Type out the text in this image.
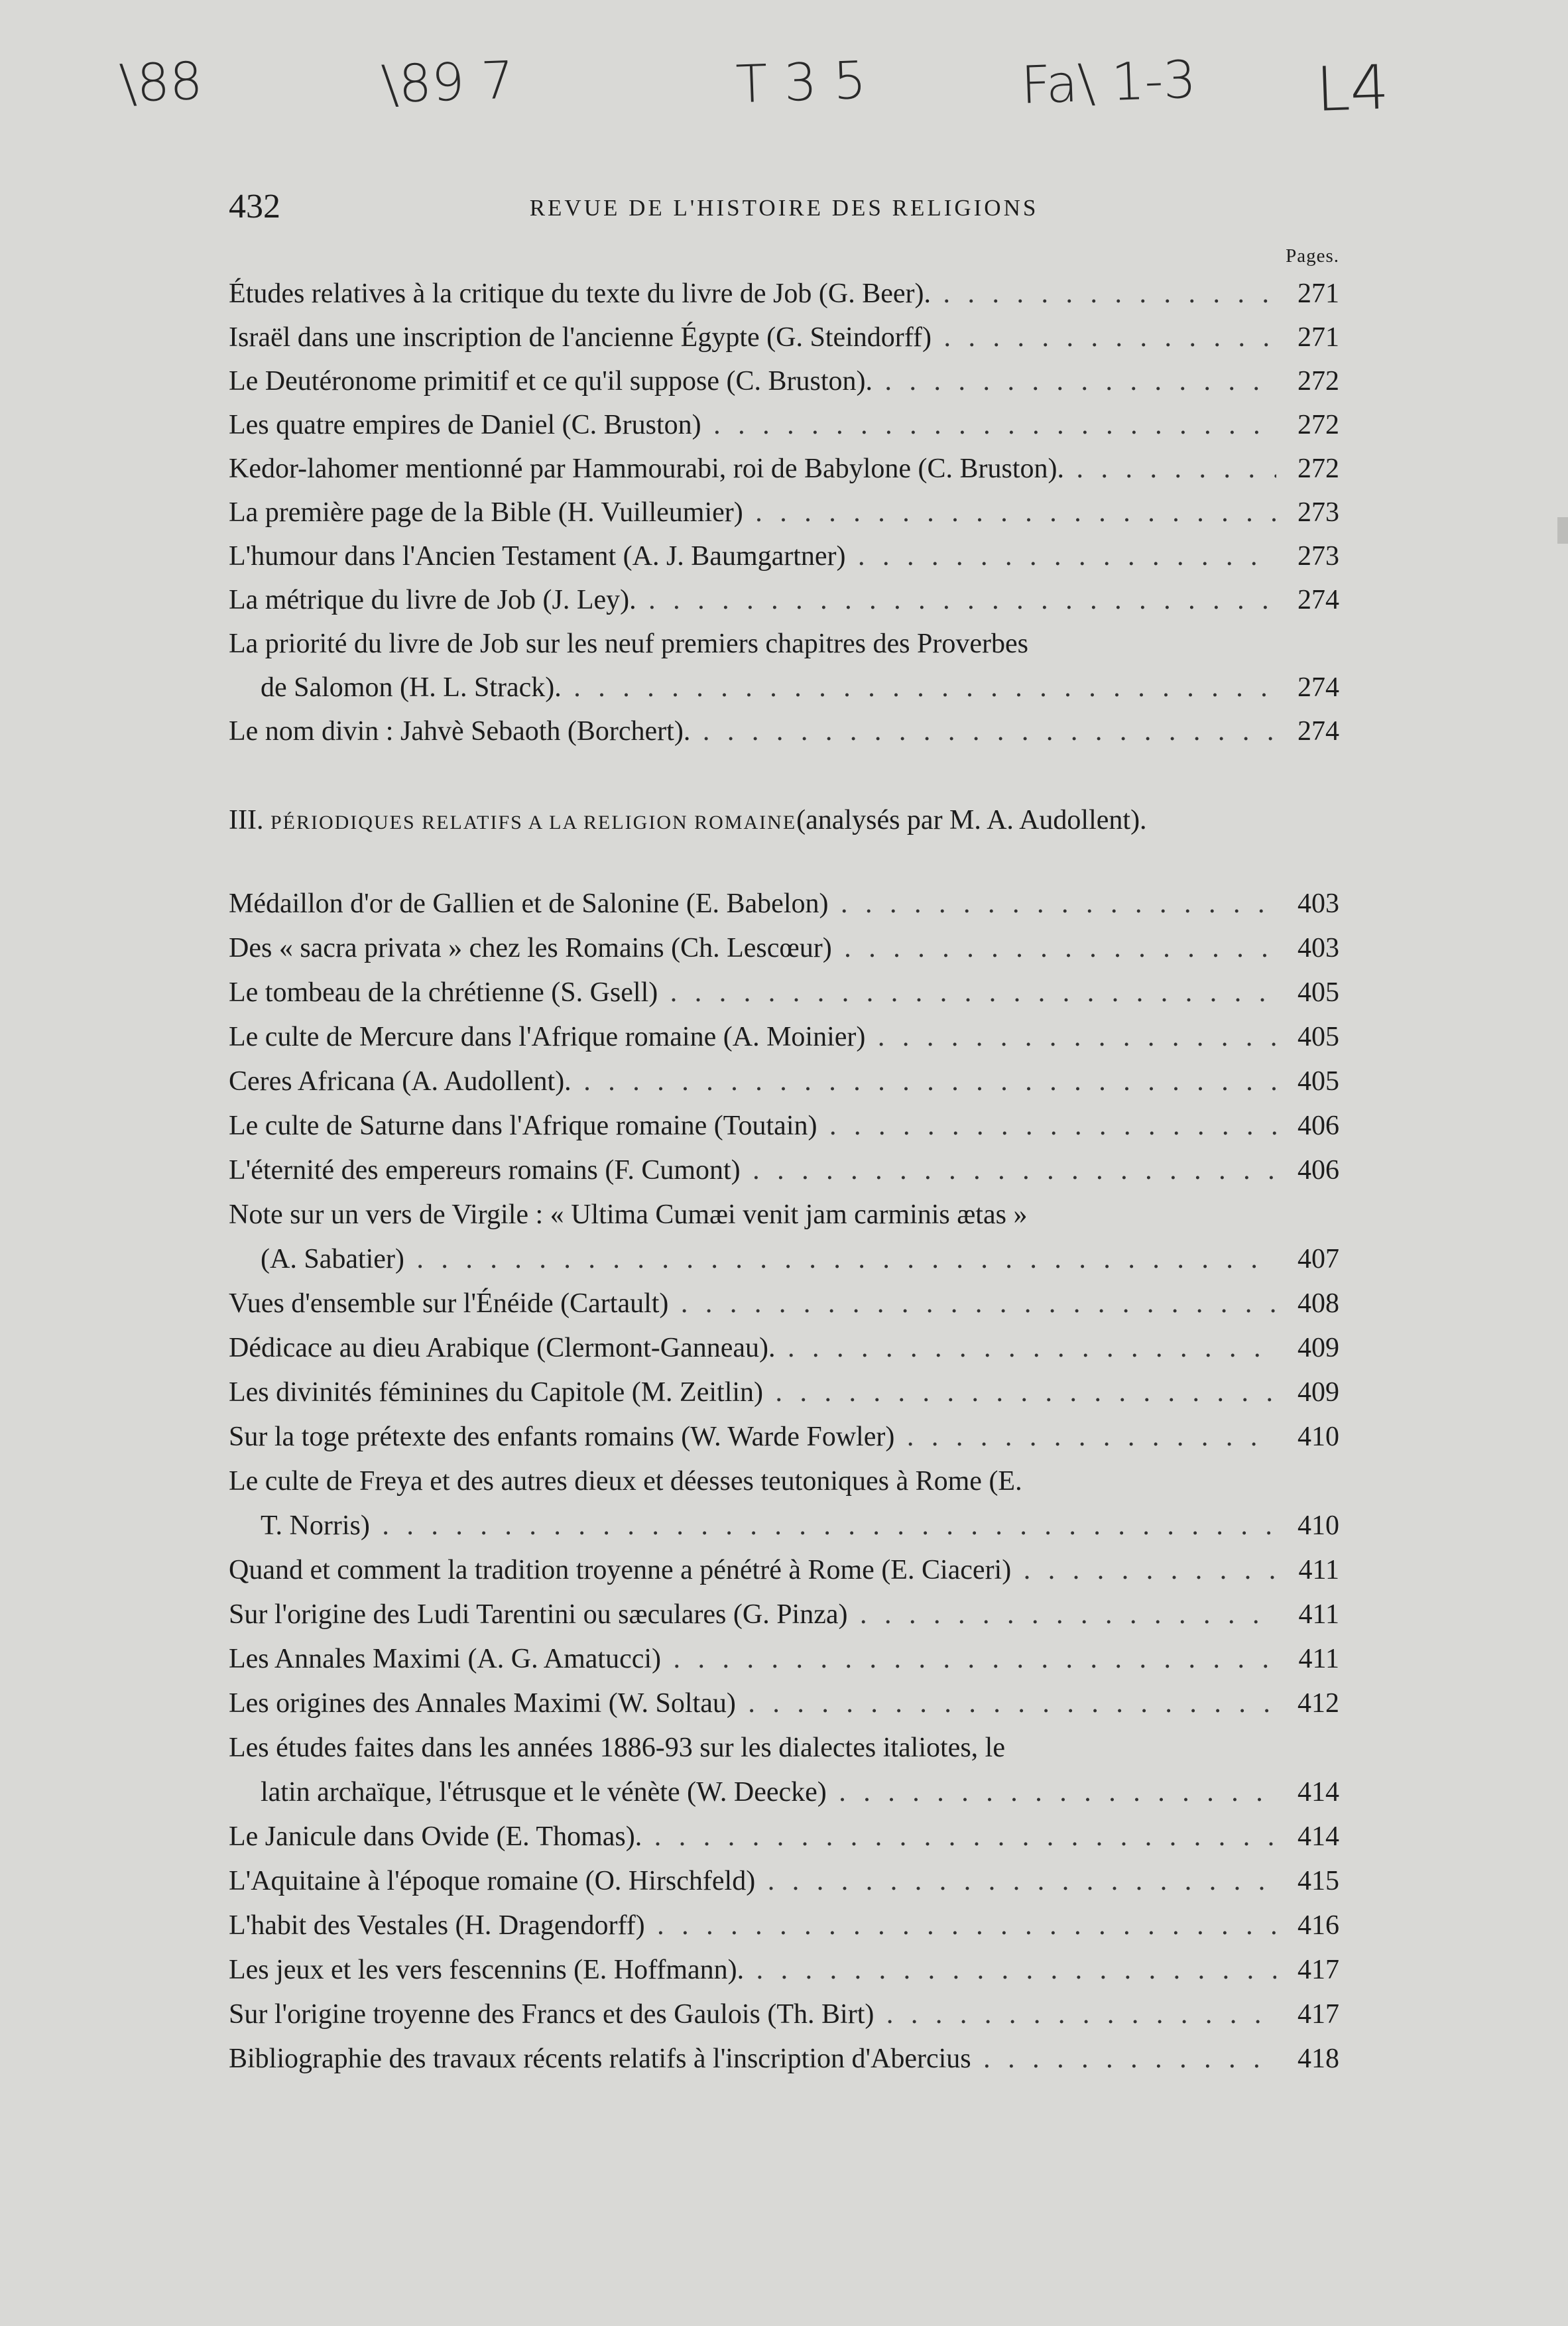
\88	\89 7	T 3 5	Fa\ 1-3 L4
432	REVUE DE L'HISTOIRE DES RELIGIONS
Pages.
Études relatives à la critique du texte du livre de Job (G. Beer). . . .	271
Israël dans une inscription de l'ancienne Égypte (G. Steindorff) . . .	271
Le Deutéronome primitif et ce qu'il suppose (C. Bruston). . . .	272
Les quatre empires de Daniel (C. Bruston) . . .	272
Kedor-lahomer mentionné par Hammourabi, roi de Babylone (C. Bruston). . . .	272
La première page de la Bible (H. Vuilleumier) . . .	273
L'humour dans l'Ancien Testament (A. J. Baumgartner) . . .	273
La métrique du livre de Job (J. Ley). . . .	274
La priorité du livre de Job sur les neuf premiers chapitres des Proverbes
de Salomon (H. L. Strack). . . .	274
Le nom divin : Jahvè Sebaoth (Borchert). . . .	274
III. PÉRIODIQUES RELATIFS A LA RELIGION ROMAINE(analysés par M. A. Audollent).
Médaillon d'or de Gallien et de Salonine (E. Babelon) . . .	403
Des « sacra privata » chez les Romains (Ch. Lescœur) . . .	403
Le tombeau de la chrétienne (S. Gsell) . . .	405
Le culte de Mercure dans l'Afrique romaine (A. Moinier) . . .	405
Ceres Africana (A. Audollent). . . .	405
Le culte de Saturne dans l'Afrique romaine (Toutain) . . .	406
L'éternité des empereurs romains (F. Cumont) . . .	406
Note sur un vers de Virgile : « Ultima Cumæi venit jam carminis ætas »
(A. Sabatier) . . .	407
Vues d'ensemble sur l'Énéide (Cartault) . . .	408
Dédicace au dieu Arabique (Clermont-Ganneau). . . .	409
Les divinités féminines du Capitole (M. Zeitlin) . . .	409
Sur la toge prétexte des enfants romains (W. Warde Fowler) . . .	410
Le culte de Freya et des autres dieux et déesses teutoniques à Rome (E.
T. Norris) . . .	410
Quand et comment la tradition troyenne a pénétré à Rome (E. Ciaceri) . . .	411
Sur l'origine des Ludi Tarentini ou sæculares (G. Pinza) . . .	411
Les Annales Maximi (A. G. Amatucci) . . .	411
Les origines des Annales Maximi (W. Soltau) . . .	412
Les études faites dans les années 1886-93 sur les dialectes italiotes, le
latin archaïque, l'étrusque et le vénète (W. Deecke) . . .	414
Le Janicule dans Ovide (E. Thomas). . . .	414
L'Aquitaine à l'époque romaine (O. Hirschfeld) . . .	415
L'habit des Vestales (H. Dragendorff) . . .	416
Les jeux et les vers fescennins (E. Hoffmann). . . .	417
Sur l'origine troyenne des Francs et des Gaulois (Th. Birt) . . .	417
Bibliographie des travaux récents relatifs à l'inscription d'Abercius . . .	418
